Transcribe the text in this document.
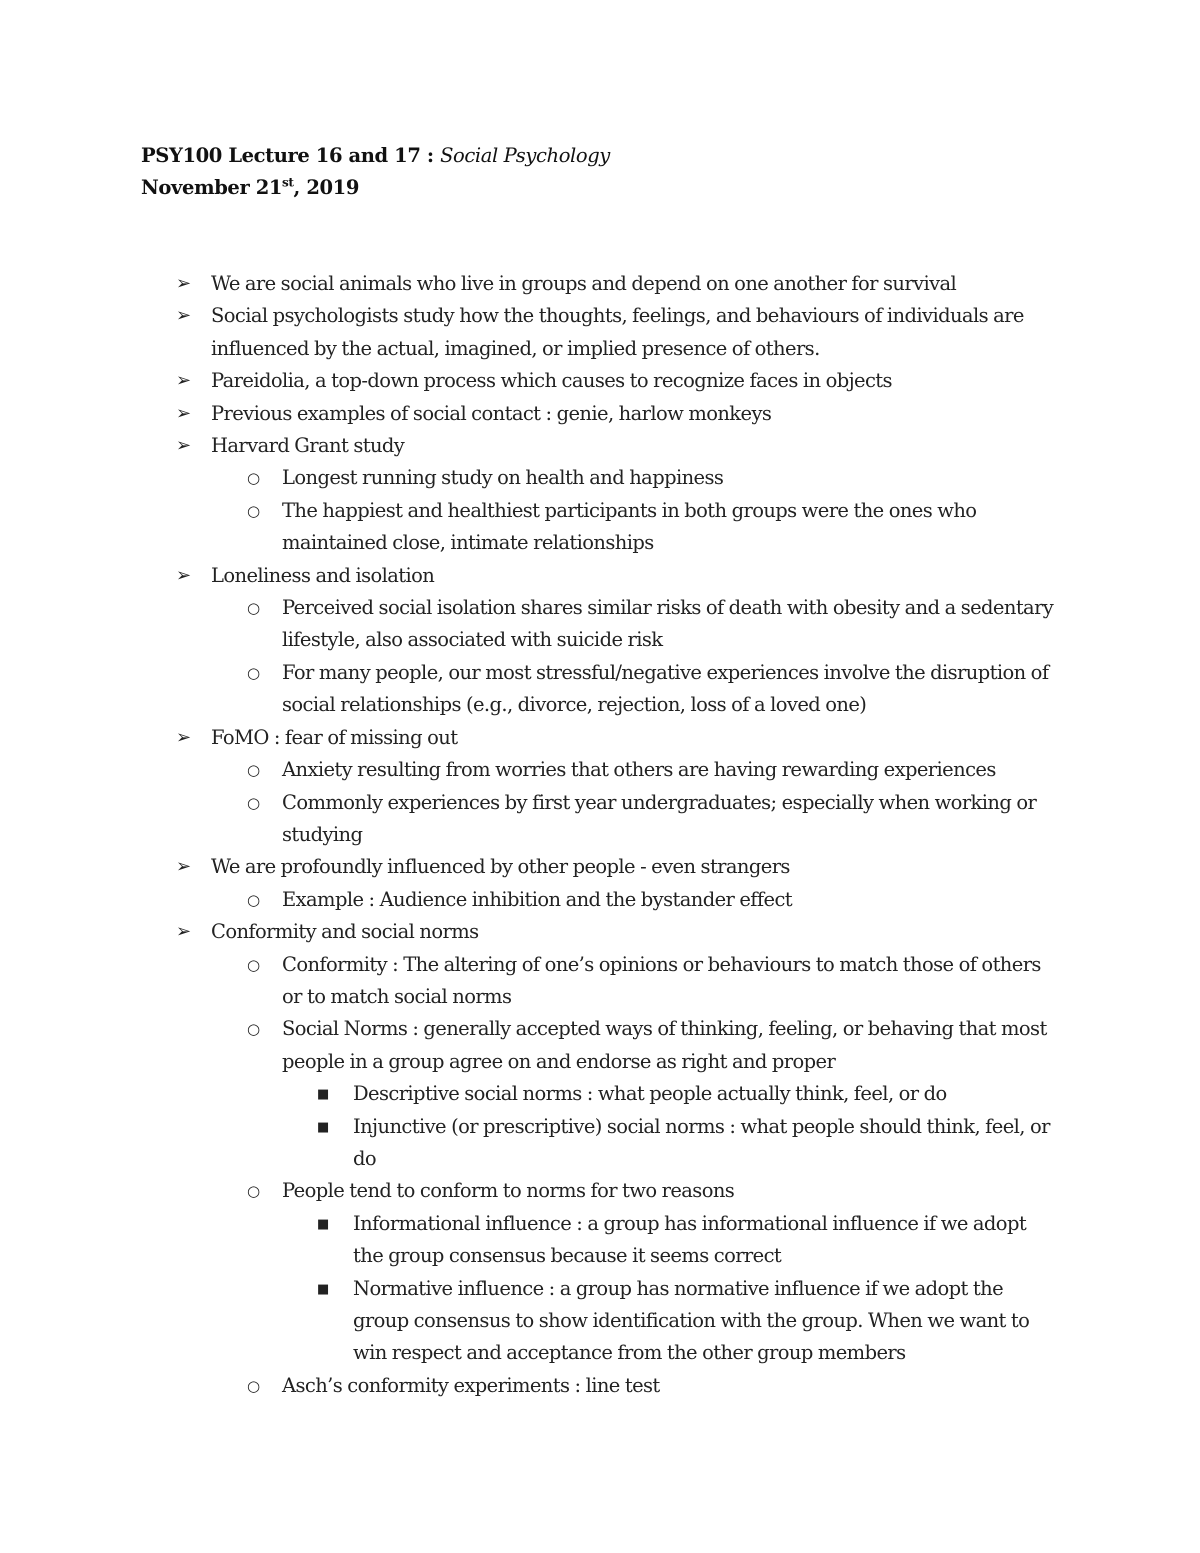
PSY100 Lecture 16 and 17 : Social Psychology
November 21st, 2019
➢ We are social animals who live in groups and depend on one another for survival
➢ Social psychologists study how the thoughts, feelings, and behaviours of individuals are influenced by the actual, imagined, or implied presence of others.
➢ Pareidolia, a top-down process which causes to recognize faces in objects
➢ Previous examples of social contact : genie, harlow monkeys
➢ Harvard Grant study
○ Longest running study on health and happiness
○ The happiest and healthiest participants in both groups were the ones who maintained close, intimate relationships
➢ Loneliness and isolation
○ Perceived social isolation shares similar risks of death with obesity and a sedentary lifestyle, also associated with suicide risk
○ For many people, our most stressful/negative experiences involve the disruption of social relationships (e.g., divorce, rejection, loss of a loved one)
➢ FoMO : fear of missing out
○ Anxiety resulting from worries that others are having rewarding experiences
○ Commonly experiences by first year undergraduates; especially when working or studying
➢ We are profoundly influenced by other people - even strangers
○ Example : Audience inhibition and the bystander effect
➢ Conformity and social norms
○ Conformity : The altering of one’s opinions or behaviours to match those of others or to match social norms
○ Social Norms : generally accepted ways of thinking, feeling, or behaving that most people in a group agree on and endorse as right and proper
■ Descriptive social norms : what people actually think, feel, or do
■ Injunctive (or prescriptive) social norms : what people should think, feel, or do
○ People tend to conform to norms for two reasons
■ Informational influence : a group has informational influence if we adopt the group consensus because it seems correct
■ Normative influence : a group has normative influence if we adopt the group consensus to show identification with the group. When we want to win respect and acceptance from the other group members
○ Asch’s conformity experiments : line test
